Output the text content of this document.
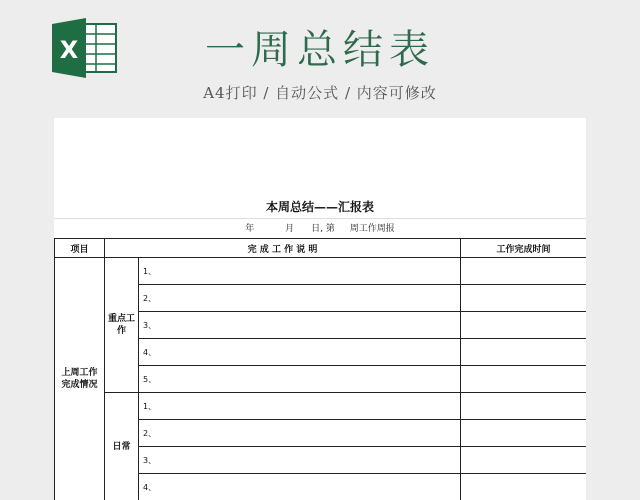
X	一周总结表
A4打印 / 自动公式 / 内容可修改
本周总结——汇报表
年	月 日, 第 周工作周报
项目	完 成 工 作 说 明		工作完成时间
上周工作完成情况	重点工作	1、	
		2、	
		3、	
		4、	
		5、	
	日常	1、	
		2、	
		3、	
		4、	
